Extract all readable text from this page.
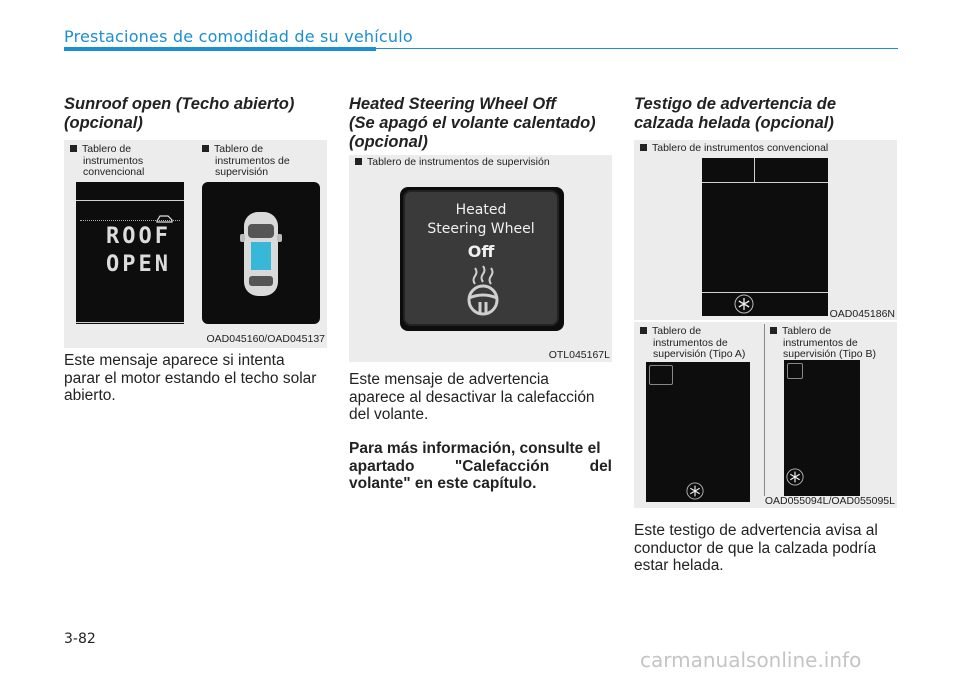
Prestaciones de comodidad de su vehículo
Sunroof open (Techo abierto)
(opcional)
Tablero de
instrumentos
convencional
Tablero de
instrumentos de
supervisión
ROOF
OPEN
OAD045160/OAD045137
Este mensaje aparece si intenta
parar el motor estando el techo solar
abierto.
Heated Steering Wheel Off
(Se apagó el volante calentado)
(opcional)
Tablero de instrumentos de supervisión
Heated
Steering Wheel
Off
OTL045167L
Este mensaje de advertencia
aparece al desactivar la calefacción
del volante.
Para más información, consulte el
apartado "Calefacción del
volante" en este capítulo.
Testigo de advertencia de
calzada helada (opcional)
Tablero de instrumentos convencional
OAD045186N
Tablero de
instrumentos de
supervisión (Tipo A)
Tablero de
instrumentos de
supervisión (Tipo B)
OAD055094L/OAD055095L
Este testigo de advertencia avisa al
conductor de que la calzada podría
estar helada.
3-82
carmanualsonline.info
